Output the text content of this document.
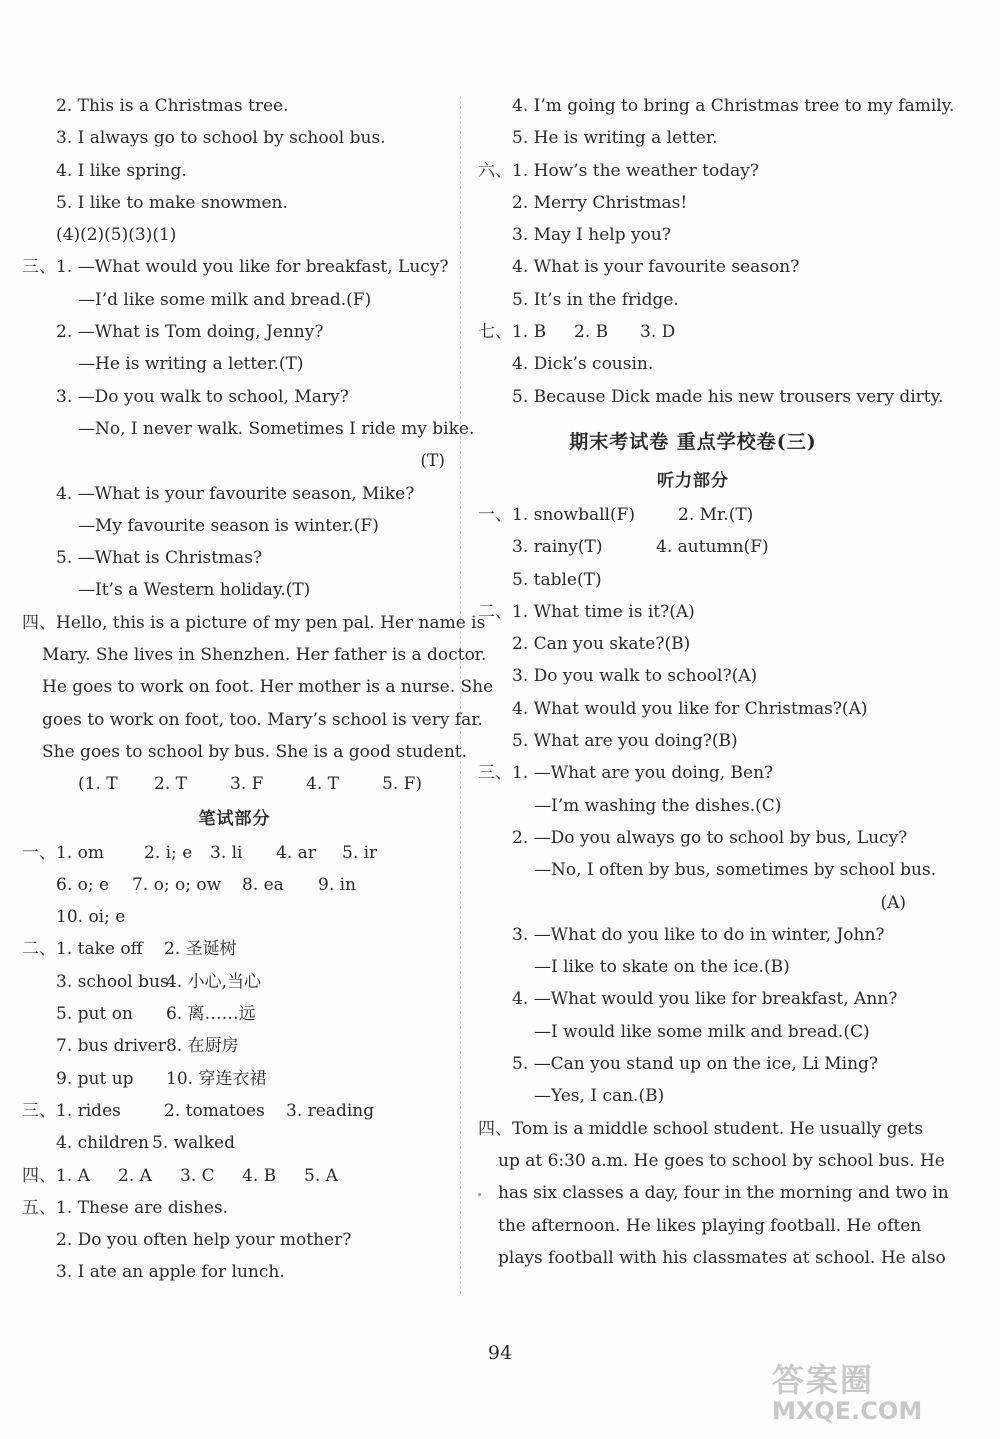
2. This is a Christmas tree.
3. I always go to school by school bus.
4. I like spring.
5. I like to make snowmen.
(4)(2)(5)(3)(1)
三、1. —What would you like for breakfast, Lucy?
—I’d like some milk and bread.(F)
2. —What is Tom doing, Jenny?
—He is writing a letter.(T)
3. —Do you walk to school, Mary?
—No, I never walk. Sometimes I ride my bike.
(T)
4. —What is your favourite season, Mike?
—My favourite season is winter.(F)
5. —What is Christmas?
—It’s a Western holiday.(T)
四、Hello, this is a picture of my pen pal. Her name is
Mary. She lives in Shenzhen. Her father is a doctor.
He goes to work on foot. Her mother is a nurse. She
goes to work on foot, too. Mary’s school is very far.
She goes to school by bus. She is a good student.
(1. T 2. T	3. F	4. T	5. F)
笔试部分
一、1. om 2. i; e 3. li 4. ar 5. ir
6. o; e 7. o; o; ow 8. ea 9. in
10. oi; e
二、1. take off 2. 圣诞树
3. school bus4. 小心,当心
5. put on 6. 离……远
7. bus driver8. 在厨房
9. put up 10. 穿连衣裙
三、1. rides	2. tomatoes 3. reading
4. children 5. walked
四、1. A 2. A 3. C 4. B 5. A
五、1. These are dishes.
2. Do you often help your mother?
3. I ate an apple for lunch.
4. I’m going to bring a Christmas tree to my family.
5. He is writing a letter.
六、1. How’s the weather today?
2. Merry Christmas!
3. May I help you?
4. What is your favourite season?
5. It’s in the fridge.
七、1. B 2. B 3. D
4. Dick’s cousin.
5. Because Dick made his new trousers very dirty.
期末考试卷 重点学校卷(三)
听力部分
一、1. snowball(F)	2. Mr.(T)
3. rainy(T)	4. autumn(F)
5. table(T)
二、1. What time is it?(A)
2. Can you skate?(B)
3. Do you walk to school?(A)
4. What would you like for Christmas?(A)
5. What are you doing?(B)
三、1. —What are you doing, Ben?
—I’m washing the dishes.(C)
2. —Do you always go to school by bus, Lucy?
—No, I often by bus, sometimes by school bus.
(A)
3. —What do you like to do in winter, John?
—I like to skate on the ice.(B)
4. —What would you like for breakfast, Ann?
—I would like some milk and bread.(C)
5. —Can you stand up on the ice, Li Ming?
—Yes, I can.(B)
四、Tom is a middle school student. He usually gets
up at 6:30 a.m. He goes to school by school bus. He
has six classes a day, four in the morning and two in
the afternoon. He likes playing football. He often
plays football with his classmates at school. He also
94
答案圈
MXQE.COM
